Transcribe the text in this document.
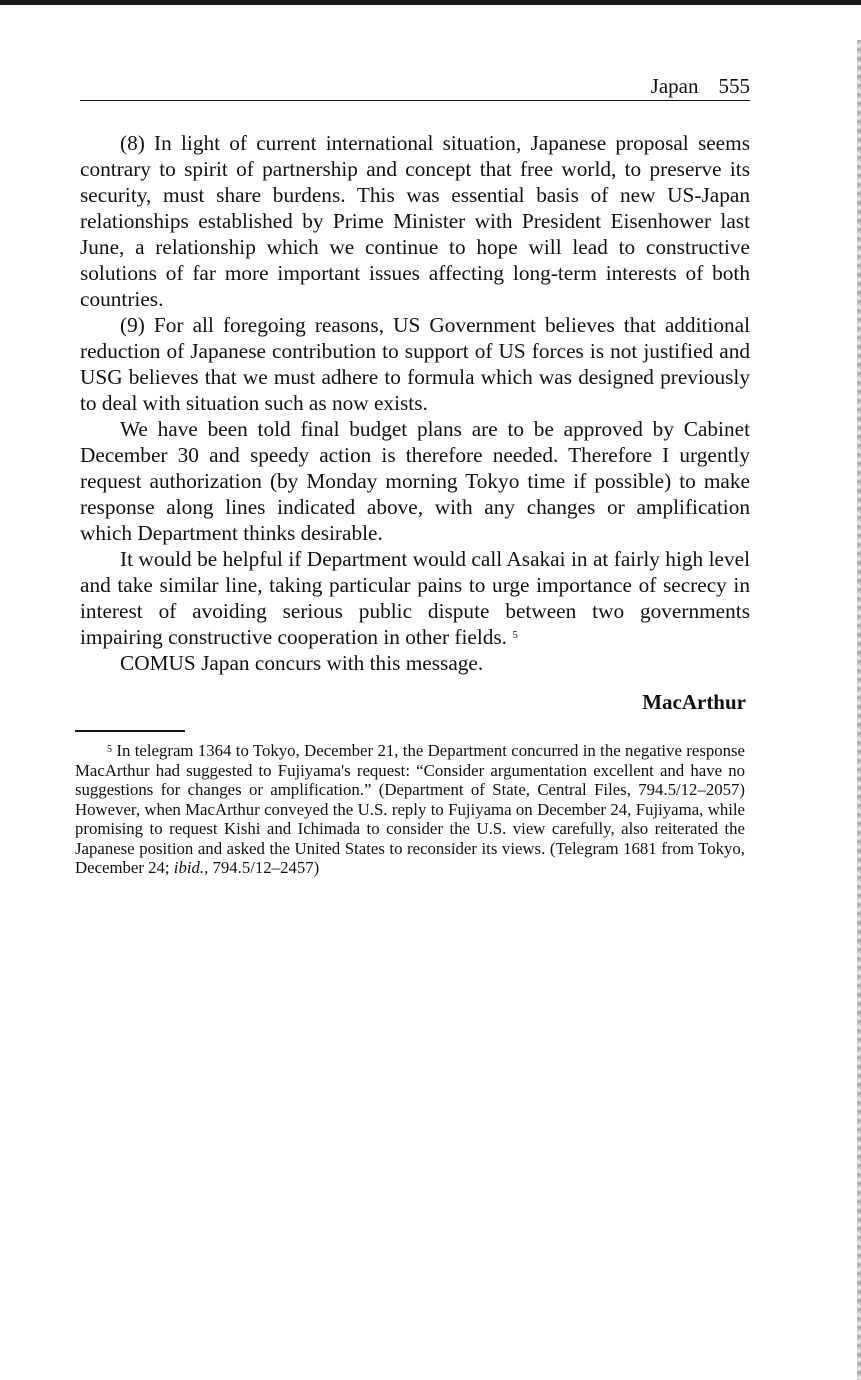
Japan 555

(8) In light of current international situation, Japanese proposal seems contrary to spirit of partnership and concept that free world, to preserve its security, must share burdens. This was essential basis of new US-Japan relationships established by Prime Minister with President Eisenhower last June, a relationship which we continue to hope will lead to constructive solutions of far more important issues affecting long-term interests of both countries.

(9) For all foregoing reasons, US Government believes that additional reduction of Japanese contribution to support of US forces is not justified and USG believes that we must adhere to formula which was designed previously to deal with situation such as now exists.

We have been told final budget plans are to be approved by Cabinet December 30 and speedy action is therefore needed. Therefore I urgently request authorization (by Monday morning Tokyo time if possible) to make response along lines indicated above, with any changes or amplification which Department thinks desirable.

It would be helpful if Department would call Asakai in at fairly high level and take similar line, taking particular pains to urge importance of secrecy in interest of avoiding serious public dispute between two governments impairing constructive cooperation in other fields. $^5$

COMUS Japan concurs with this message.

MacArthur
$^5$ In telegram 1364 to Tokyo, December 21, the Department concurred in the negative response MacArthur had suggested to Fujiyama's request: “Consider argumentation excellent and have no suggestions for changes or amplification.” (Department of State, Central Files, 794.5/12–2057) However, when MacArthur conveyed the U.S. reply to Fujiyama on December 24, Fujiyama, while promising to request Kishi and Ichimada to consider the U.S. view carefully, also reiterated the Japanese position and asked the United States to reconsider its views. (Telegram 1681 from Tokyo, December 24; ibid., 794.5/12–2457)
